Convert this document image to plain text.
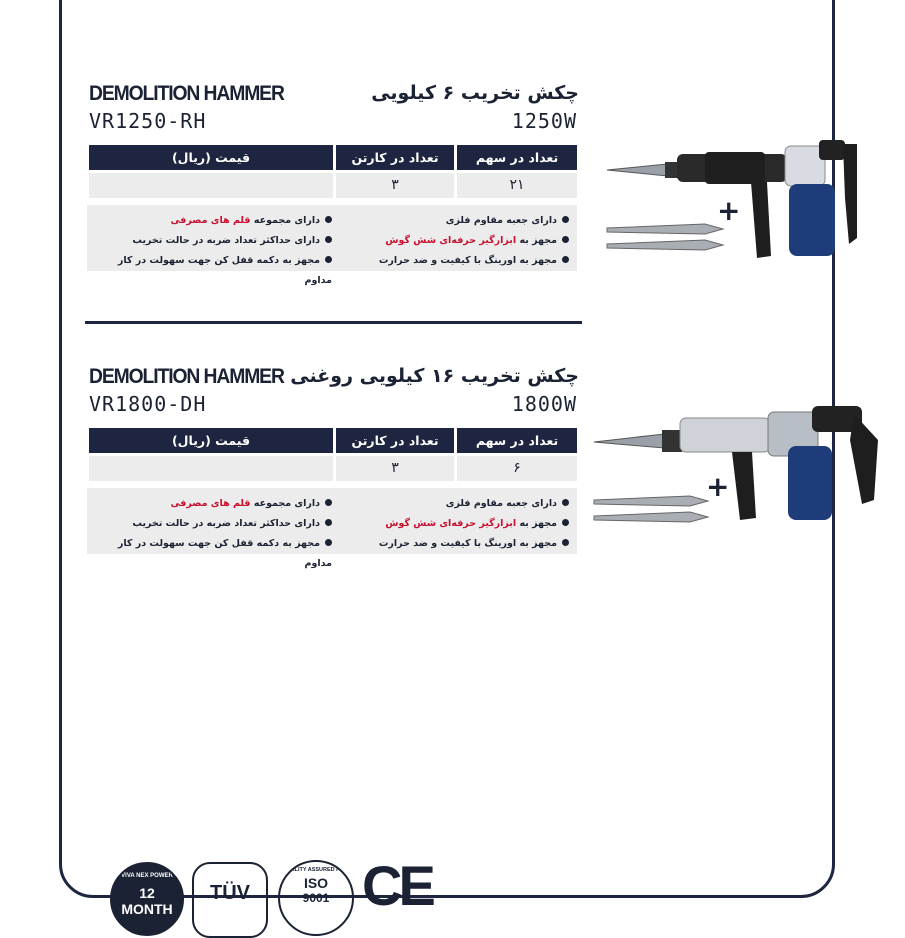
DEMOLITION HAMMER
VR1250-RH
چکش تخریب ۶ کیلویی
1250W
تعداد در سهم
تعداد در کارتن
قیمت (ریال)
۲۱
۳
دارای مجموعه قلم های مصرفی
دارای حداکثر تعداد ضربه در حالت تخریب
مجهز به دکمه قفل کن جهت سهولت در کار مداوم
دارای جعبه مقاوم فلزی
مجهز به ابزارگیر حرفه‌ای شش گوش
مجهز به اورینگ با کیفیت و ضد حرارت
DEMOLITION HAMMER
VR1800-DH
چکش تخریب ۱۶ کیلویی روغنی
1800W
تعداد در سهم
تعداد در کارتن
قیمت (ریال)
۶
۳
دارای مجموعه قلم های مصرفی
دارای حداکثر تعداد ضربه در حالت تخریب
مجهز به دکمه قفل کن جهت سهولت در کار مداوم
دارای جعبه مقاوم فلزی
مجهز به ابزارگیر حرفه‌ای شش گوش
مجهز به اورینگ با کیفیت و ضد حرارت
+
+
VIVA NEX POWER
12 MONTH
TÜV
QUALITY ASSURED FIRM
ISO
9001 CE
